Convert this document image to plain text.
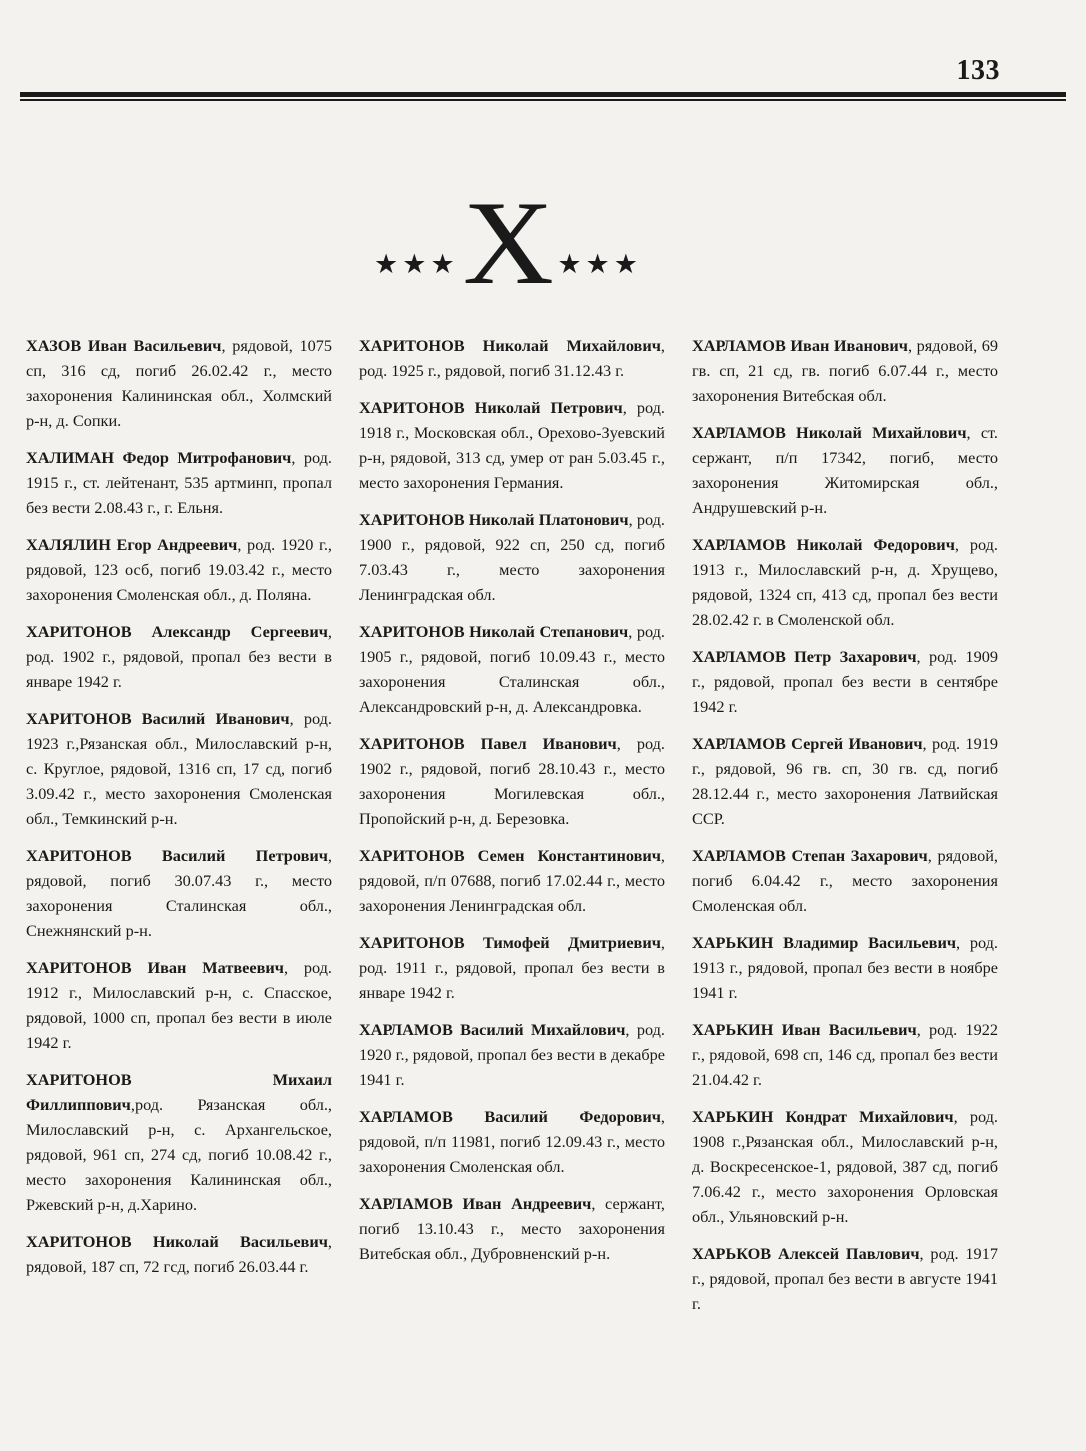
133
★★★ X ★★★

ХАЗОВ Иван Васильевич, рядовой, 1075 сп, 316 сд, погиб 26.02.42 г., место захоронения Калининская обл., Холмский р-н, д. Сопки.

ХАЛИМАН Федор Митрофанович, род. 1915 г., ст. лейтенант, 535 артминп, пропал без вести 2.08.43 г., г. Ельня.

ХАЛЯЛИН Егор Андреевич, род. 1920 г., рядовой, 123 осб, погиб 19.03.42 г., место захоронения Смоленская обл., д. Поляна.

ХАРИТОНОВ Александр Сергеевич, род. 1902 г., рядовой, пропал без вести в январе 1942 г.

ХАРИТОНОВ Василий Иванович, род. 1923 г.,Рязанская обл., Милославский р-н, с. Круглое, рядовой, 1316 сп, 17 сд, погиб 3.09.42 г., место захоронения Смоленская обл., Темкинский р-н.

ХАРИТОНОВ Василий Петрович, рядовой, погиб 30.07.43 г., место захоронения Сталинская обл., Снежнянский р-н.

ХАРИТОНОВ Иван Матвеевич, род. 1912 г., Милославский р-н, с. Спасское, рядовой, 1000 сп, пропал без вести в июле 1942 г.

ХАРИТОНОВ Михаил Филлиппович,род. Рязанская обл., Милославский р-н, с. Архангельское, рядовой, 961 сп, 274 сд, погиб 10.08.42 г., место захоронения Калининская обл., Ржевский р-н, д.Харино.

ХАРИТОНОВ Николай Васильевич, рядовой, 187 сп, 72 гсд, погиб 26.03.44 г.

ХАРИТОНОВ Николай Михайлович, род. 1925 г., рядовой, погиб 31.12.43 г.

ХАРИТОНОВ Николай Петрович, род. 1918 г., Московская обл., Орехово-Зуевский р-н, рядовой, 313 сд, умер от ран 5.03.45 г., место захоронения Германия.

ХАРИТОНОВ Николай Платонович, род. 1900 г., рядовой, 922 сп, 250 сд, погиб 7.03.43 г., место захоронения Ленинградская обл.

ХАРИТОНОВ Николай Степанович, род. 1905 г., рядовой, погиб 10.09.43 г., место захоронения Сталинская обл., Александровский р-н, д. Александровка.

ХАРИТОНОВ Павел Иванович, род. 1902 г., рядовой, погиб 28.10.43 г., место захоронения Могилевская обл., Пропойский р-н, д. Березовка.

ХАРИТОНОВ Семен Константинович, рядовой, п/п 07688, погиб 17.02.44 г., место захоронения Ленинградская обл.

ХАРИТОНОВ Тимофей Дмитриевич, род. 1911 г., рядовой, пропал без вести в январе 1942 г.

ХАРЛАМОВ Василий Михайлович, род. 1920 г., рядовой, пропал без вести в декабре 1941 г.

ХАРЛАМОВ Василий Федорович, рядовой, п/п 11981, погиб 12.09.43 г., место захоронения Смоленская обл.

ХАРЛАМОВ Иван Андреевич, сержант, погиб 13.10.43 г., место захоронения Витебская обл., Дубровненский р-н.

ХАРЛАМОВ Иван Иванович, рядовой, 69 гв. сп, 21 сд, гв. погиб 6.07.44 г., место захоронения Витебская обл.

ХАРЛАМОВ Николай Михайлович, ст. сержант, п/п 17342, погиб, место захоронения Житомирская обл., Андрушевский р-н.

ХАРЛАМОВ Николай Федорович, род. 1913 г., Милославский р-н, д. Хрущево, рядовой, 1324 сп, 413 сд, пропал без вести 28.02.42 г. в Смоленской обл.

ХАРЛАМОВ Петр Захарович, род. 1909 г., рядовой, пропал без вести в сентябре 1942 г.

ХАРЛАМОВ Сергей Иванович, род. 1919 г., рядовой, 96 гв. сп, 30 гв. сд, погиб 28.12.44 г., место захоронения Латвийская ССР.

ХАРЛАМОВ Степан Захарович, рядовой, погиб 6.04.42 г., место захоронения Смоленская обл.

ХАРЬКИН Владимир Васильевич, род. 1913 г., рядовой, пропал без вести в ноябре 1941 г.

ХАРЬКИН Иван Васильевич, род. 1922 г., рядовой, 698 сп, 146 сд, пропал без вести 21.04.42 г.

ХАРЬКИН Кондрат Михайлович, род. 1908 г.,Рязанская обл., Милославский р-н, д. Воскресенское-1, рядовой, 387 сд, погиб 7.06.42 г., место захоронения Орловская обл., Ульяновский р-н.

ХАРЬКОВ Алексей Павлович, род. 1917 г., рядовой, пропал без вести в августе 1941 г.
